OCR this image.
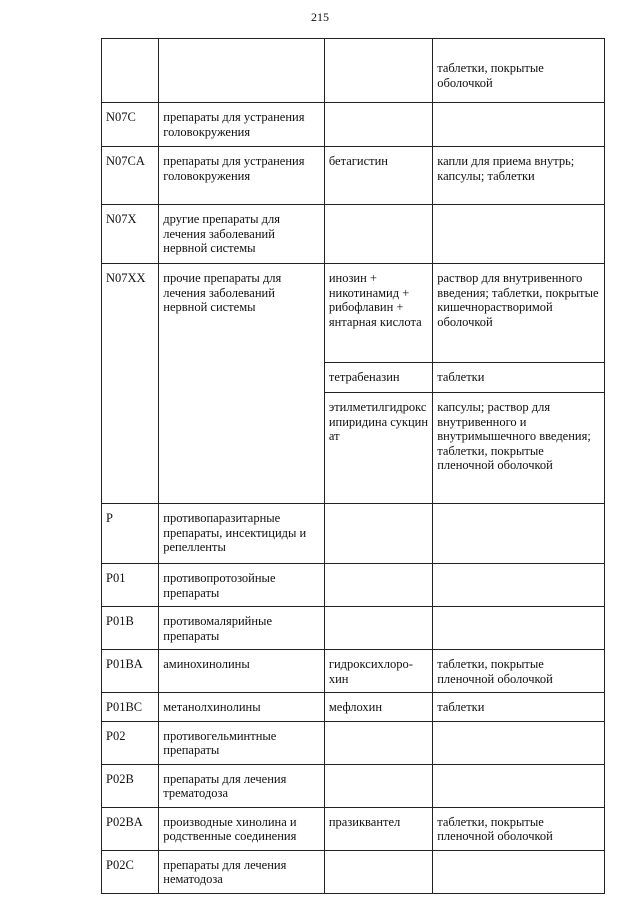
215
			таблетки, покрытые оболочкой
N07C	препараты для устранения головокружения		
N07CA	препараты для устранения головокружения	бетагистин	капли для приема внутрь; капсулы; таблетки
N07X	другие препараты для лечения заболеваний нервной системы		
N07XX	прочие препараты для лечения заболеваний нервной системы	инозин + никотинамид + рибофлавин + янтарная кислота	раствор для внутривенного введения; таблетки, покрытые кишечнорастворимой оболочкой
		тетрабеназин	таблетки
		этилметилгидроксипиридина сукцинат	капсулы; раствор для внутривенного и внутримышечного введения; таблетки, покрытые пленочной оболочкой
P	противопаразитарные препараты, инсектициды и репелленты		
P01	противопротозойные препараты		
P01B	противомалярийные препараты		
P01BA	аминохинолины	гидроксихлоро-хин	таблетки, покрытые пленочной оболочкой
P01BC	метанолхинолины	мефлохин	таблетки
P02	противогельминтные препараты		
P02B	препараты для лечения трематодоза		
P02BA	производные хинолина и родственные соединения	празиквантел	таблетки, покрытые пленочной оболочкой
P02C	препараты для лечения нематодоза		
